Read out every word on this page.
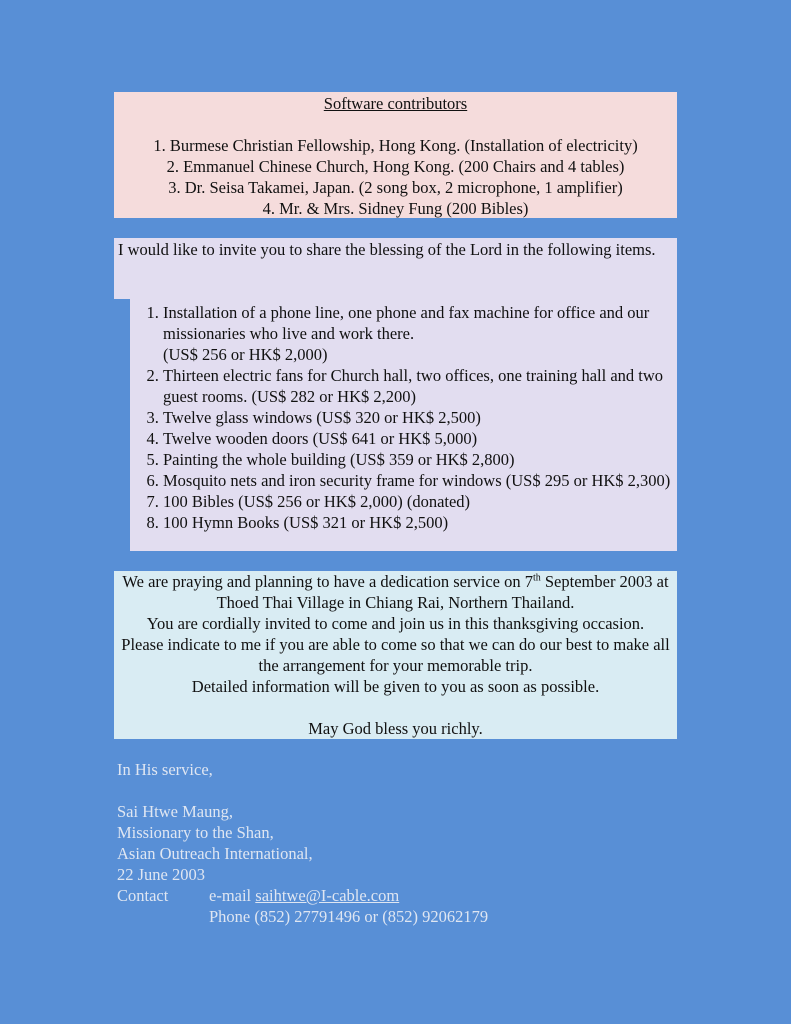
Software contributors
1. Burmese Christian Fellowship, Hong Kong. (Installation of electricity)
2. Emmanuel Chinese Church, Hong Kong. (200 Chairs and 4 tables)
3. Dr. Seisa Takamei, Japan. (2 song box, 2 microphone, 1 amplifier)
4. Mr. & Mrs. Sidney Fung (200 Bibles)
I would like to invite you to share the blessing of the Lord in the following items.
1. Installation of a phone line, one phone and fax machine for office and our missionaries who live and work there.
(US$ 256 or HK$ 2,000)
2. Thirteen electric fans for Church hall, two offices, one training hall and two guest rooms. (US$ 282 or HK$ 2,200)
3. Twelve glass windows (US$ 320 or HK$ 2,500)
4. Twelve wooden doors (US$ 641 or HK$ 5,000)
5. Painting the whole building (US$ 359 or HK$ 2,800)
6. Mosquito nets and iron security frame for windows (US$ 295 or HK$ 2,300)
7. 100 Bibles (US$ 256 or HK$ 2,000) (donated)
8. 100 Hymn Books (US$ 321 or HK$ 2,500)
We are praying and planning to have a dedication service on 7th September 2003 at Thoed Thai Village in Chiang Rai, Northern Thailand.
You are cordially invited to come and join us in this thanksgiving occasion.
Please indicate to me if you are able to come so that we can do our best to make all the arrangement for your memorable trip.
Detailed information will be given to you as soon as possible.
May God bless you richly.
In His service,
Sai Htwe Maung,
Missionary to the Shan,
Asian Outreach International,
22 June 2003
Contact	e-mail saihtwe@I-cable.com
Phone (852) 27791496 or (852) 92062179
